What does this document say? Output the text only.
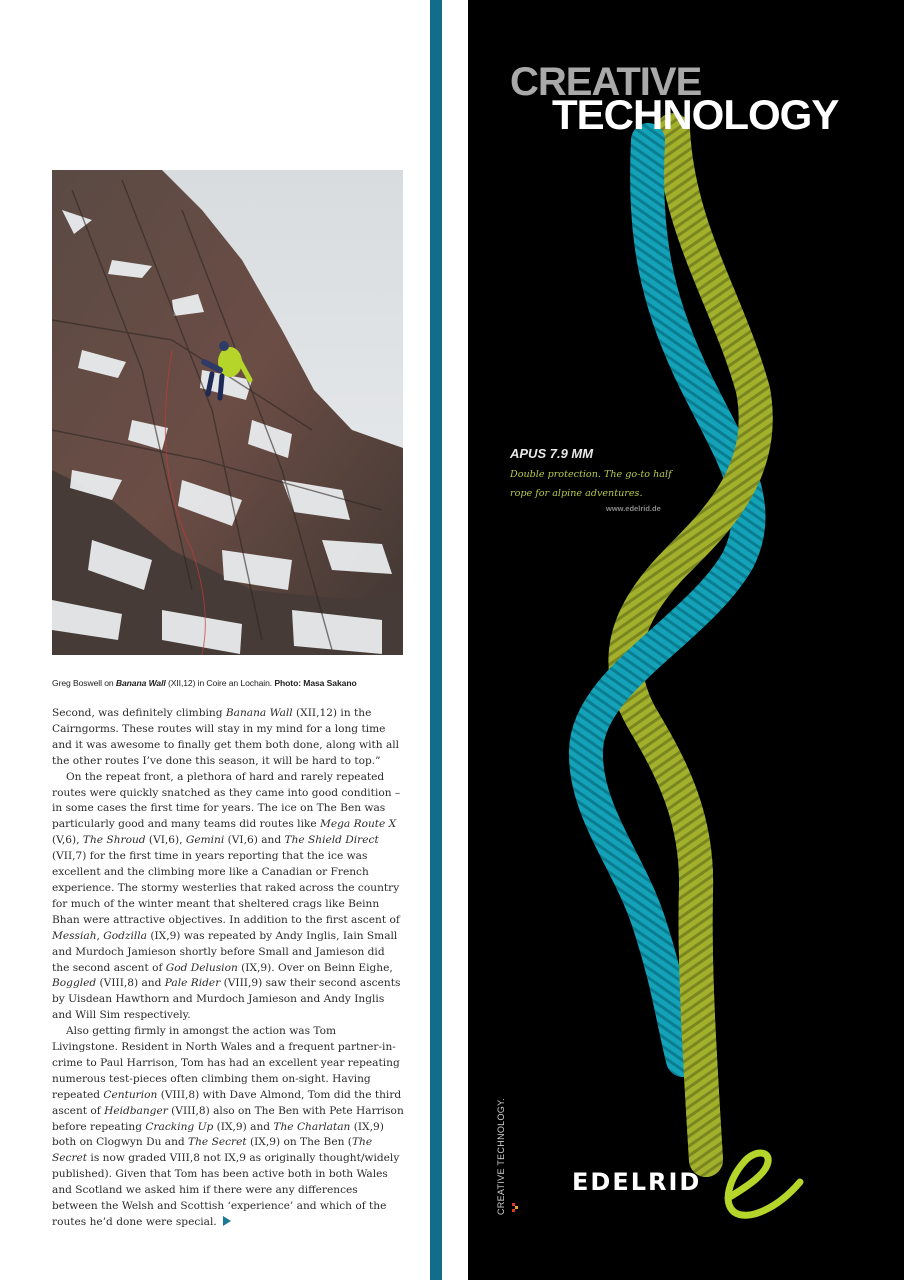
Greg Boswell on Banana Wall (XII,12) in Coire an Lochain. Photo: Masa Sakano

Second, was definitely climbing Banana Wall (XII,12) in the Cairngorms. These routes will stay in my mind for a long time and it was awesome to finally get them both done, along with all the other routes I’ve done this season, it will be hard to top.”

On the repeat front, a plethora of hard and rarely repeated routes were quickly snatched as they came into good condition – in some cases the first time for years. The ice on The Ben was particularly good and many teams did routes like Mega Route X (V,6), The Shroud (VI,6), Gemini (VI,6) and The Shield Direct (VII,7) for the first time in years reporting that the ice was excellent and the climbing more like a Canadian or French experience. The stormy westerlies that raked across the country for much of the winter meant that sheltered crags like Beinn Bhan were attractive objectives. In addition to the first ascent of Messiah, Godzilla (IX,9) was repeated by Andy Inglis, Iain Small and Murdoch Jamieson shortly before Small and Jamieson did the second ascent of God Delusion (IX,9). Over on Beinn Eighe, Boggled (VIII,8) and Pale Rider (VIII,9) saw their second ascents by Uisdean Hawthorn and Murdoch Jamieson and Andy Inglis and Will Sim respectively.

Also getting firmly in amongst the action was Tom Livingstone. Resident in North Wales and a frequent partner-in-crime to Paul Harrison, Tom has had an excellent year repeating numerous test-pieces often climbing them on-sight. Having repeated Centurion (VIII,8) with Dave Almond, Tom did the third ascent of Heidbanger (VIII,8) also on The Ben with Pete Harrison before repeating Cracking Up (IX,9) and The Charlatan (IX,9) both on Clogwyn Du and The Secret (IX,9) on The Ben (The Secret is now graded VIII,8 not IX,9 as originally thought/widely published). Given that Tom has been active both in both Wales and Scotland we asked him if there were any differences between the Welsh and Scottish ‘experience’ and which of the routes he’d done were special.

CREATIVE
TECHNOLOGY
APUS 7.9 MM
Double protection. The go-to half rope for alpine adventures.
www.edelrid.de
CREATIVE TECHNOLOGY.	EDELRID
